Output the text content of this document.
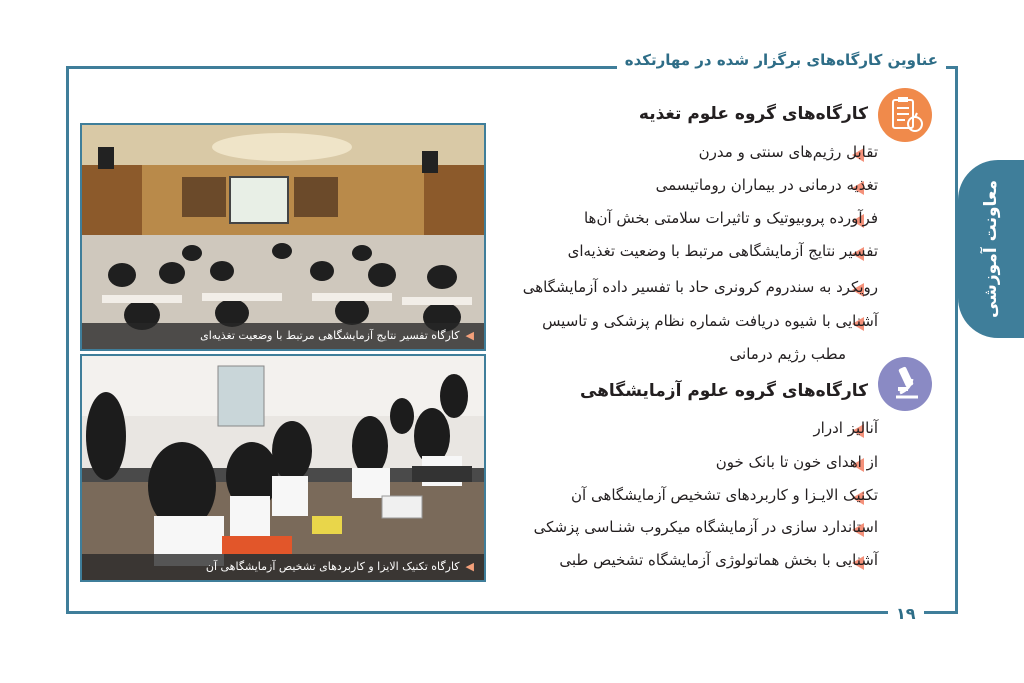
عناوین کارگاه‌های برگزار شده در مهارتکده
معاونت آموزشی
۱۹
◀کارگاه تفسیر نتایج آزمایشگاهی مرتبط با وضعیت تغذیه‌ای
◀کارگاه تکنیک الایزا و کاربردهای تشخیص آزمایشگاهی آن
کارگاه‌های گروه علوم تغذیه
کارگاه‌های گروه علوم آزمایشگاهی
تقابل رژیم‌های سنتی و مدرن
تغذیه درمانی در بیماران روماتیسمی
فرآورده پروبیوتیک و تاثیرات سلامتی بخش آن‌ها
تفسیر نتایج آزمایشگاهی مرتبط با وضعیت تغذیه‌ای
رویکرد به سندروم کرونری حاد با تفسیر داده آزمایشگاهی
آشنایی با شیوه دریافت شماره نظام پزشکی و تاسیس
مطب رژیم درمانی
آنالیز ادرار
از اهدای خون تا بانک خون
تکنیک الایـزا و کاربردهای تشخیص آزمایشگاهی آن
استاندارد سازی در آزمایشگاه میکروب شنـاسی پزشکی
آشنایی با بخش هماتولوژی آزمایشگاه تشخیص طبی
